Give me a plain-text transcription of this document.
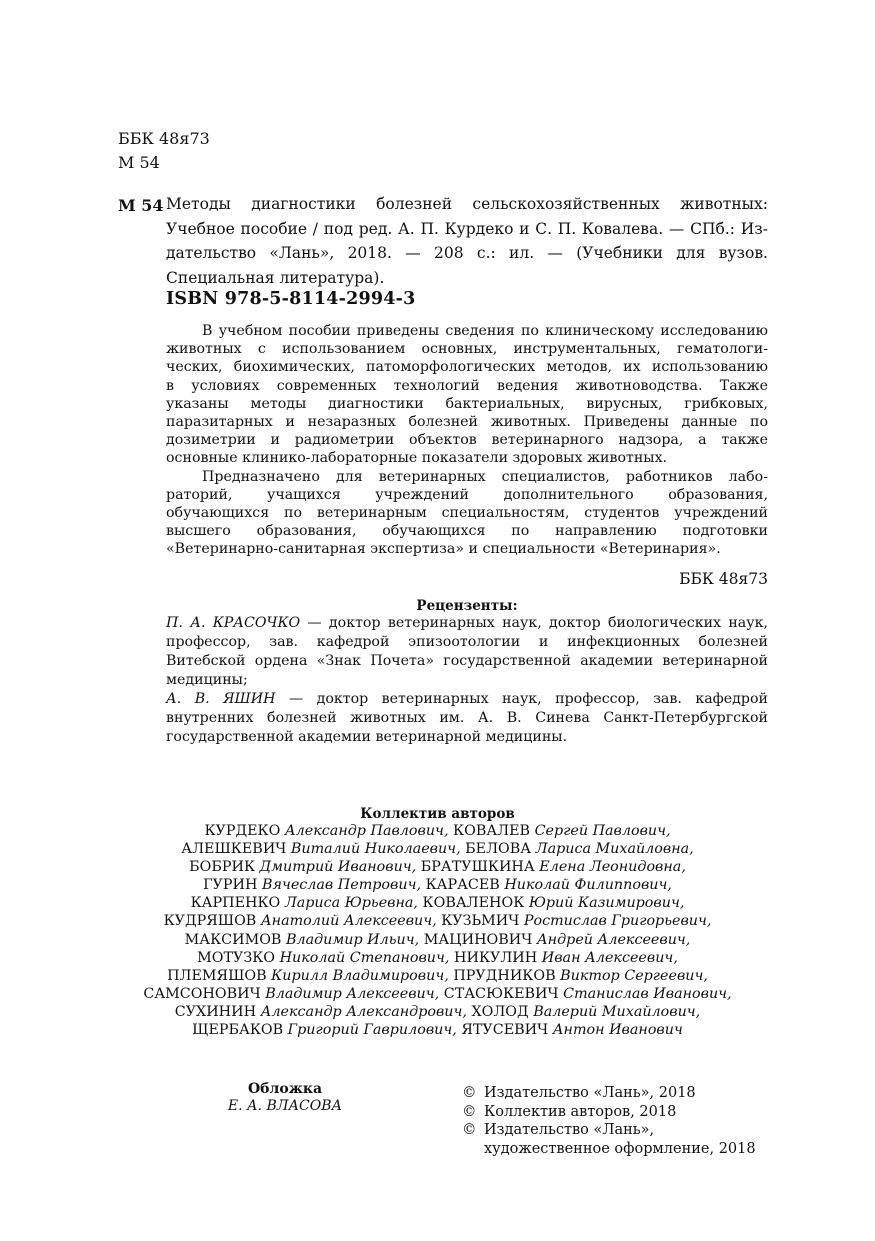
ББК 48я73
М 54
М 54 Методы диагностики болезней сельскохозяйственных животных:
Учебное пособие / под ред. А. П. Курдеко и С. П. Ковалева. — СПб.: Из-
дательство «Лань», 2018. — 208 с.: ил. — (Учебники для вузов.
Специальная литература).
ISBN 978-5-8114-2994-3
В учебном пособии приведены сведения по клиническому исследованию
животных с использованием основных, инструментальных, гематологи-
ческих, биохимических, патоморфологических методов, их использованию
в условиях современных технологий ведения животноводства. Также
указаны методы диагностики бактериальных, вирусных, грибковых,
паразитарных и незаразных болезней животных. Приведены данные по
дозиметрии и радиометрии объектов ветеринарного надзора, а также
основные клинико-лабораторные показатели здоровых животных.
Предназначено для ветеринарных специалистов, работников лабо-
раторий, учащихся учреждений дополнительного образования,
обучающихся по ветеринарным специальностям, студентов учреждений
высшего образования, обучающихся по направлению подготовки
«Ветеринарно-санитарная экспертиза» и специальности «Ветеринария».
ББК 48я73
Рецензенты:
П. А. КРАСОЧКО — доктор ветеринарных наук, доктор биологических наук,
профессор, зав. кафедрой эпизоотологии и инфекционных болезней
Витебской ордена «Знак Почета» государственной академии ветеринарной
медицины;
А. В. ЯШИН — доктор ветеринарных наук, профессор, зав. кафедрой
внутренних болезней животных им. А. В. Синева Санкт-Петербургской
государственной академии ветеринарной медицины.
Коллектив авторов
КУРДЕКО Александр Павлович, КОВАЛЕВ Сергей Павлович,
АЛЕШКЕВИЧ Виталий Николаевич, БЕЛОВА Лариса Михайловна,
БОБРИК Дмитрий Иванович, БРАТУШКИНА Елена Леонидовна,
ГУРИН Вячеслав Петрович, КАРАСЕВ Николай Филиппович,
КАРПЕНКО Лариса Юрьевна, КОВАЛЕНОК Юрий Казимирович,
КУДРЯШОВ Анатолий Алексеевич, КУЗЬМИЧ Ростислав Григорьевич,
МАКСИМОВ Владимир Ильич, МАЦИНОВИЧ Андрей Алексеевич,
МОТУЗКО Николай Степанович, НИКУЛИН Иван Алексеевич,
ПЛЕМЯШОВ Кирилл Владимирович, ПРУДНИКОВ Виктор Сергеевич,
САМСОНОВИЧ Владимир Алексеевич, СТАСЮКЕВИЧ Станислав Иванович,
СУХИНИН Александр Александрович, ХОЛОД Валерий Михайлович,
ЩЕРБАКОВ Григорий Гаврилович, ЯТУСЕВИЧ Антон Иванович
Обложка
Е. А. ВЛАСОВА
© Издательство «Лань», 2018
© Коллектив авторов, 2018
© Издательство «Лань»,
художественное оформление, 2018
